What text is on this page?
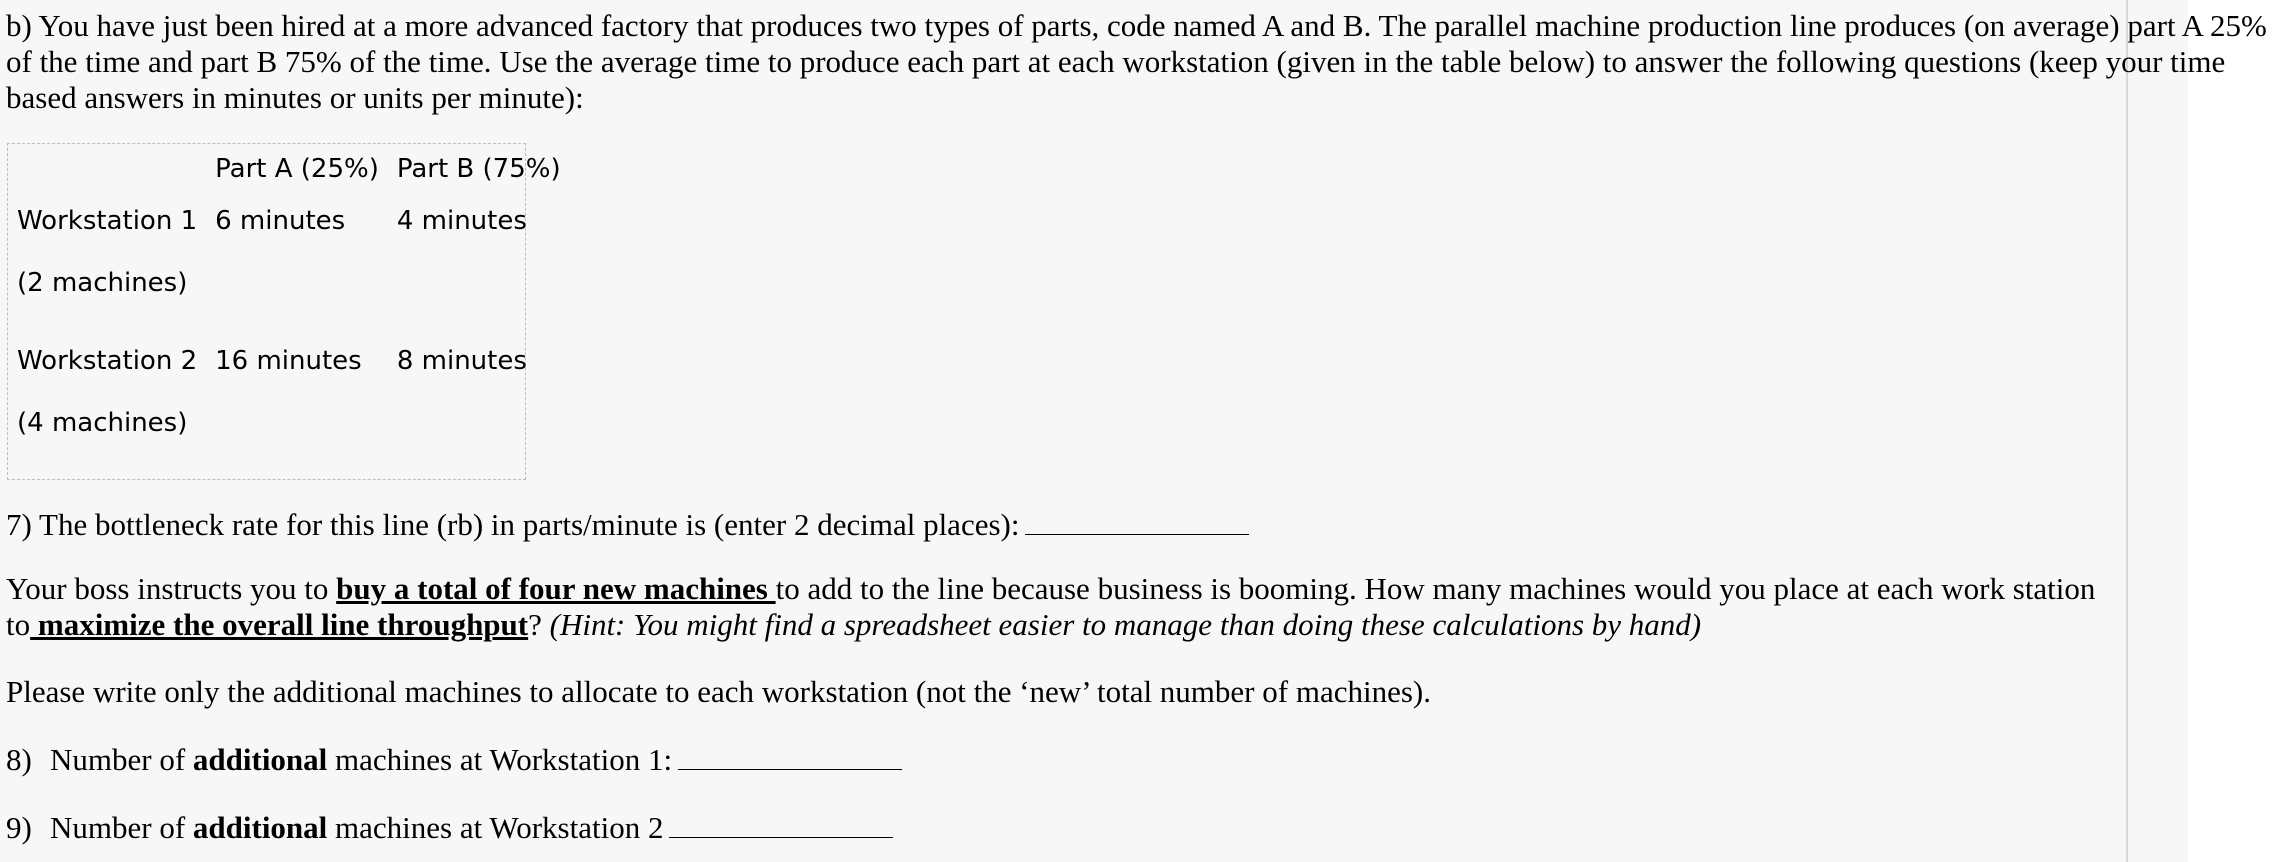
b) You have just been hired at a more advanced factory that produces two types of parts, code named A and B. The parallel machine production line produces (on average) part A 25% of the time and part B 75% of the time. Use the average time to produce each part at each workstation (given in the table below) to answer the following questions (keep your time based answers in minutes or units per minute):

	Part A (25%)	Part B (75%)
Workstation 1	6 minutes	4 minutes
(2 machines)		
Workstation 2	16 minutes	8 minutes
(4 machines)		

7) The bottleneck rate for this line (rb) in parts/minute is (enter 2 decimal places):

Your boss instructs you to buy a total of four new machines to add to the line because business is booming. How many machines would you place at each work station

to maximize the overall line throughput? (Hint: You might find a spreadsheet easier to manage than doing these calculations by hand)

Please write only the additional machines to allocate to each workstation (not the ‘new’ total number of machines).

8) Number of additional machines at Workstation 1:

9) Number of additional machines at Workstation 2
